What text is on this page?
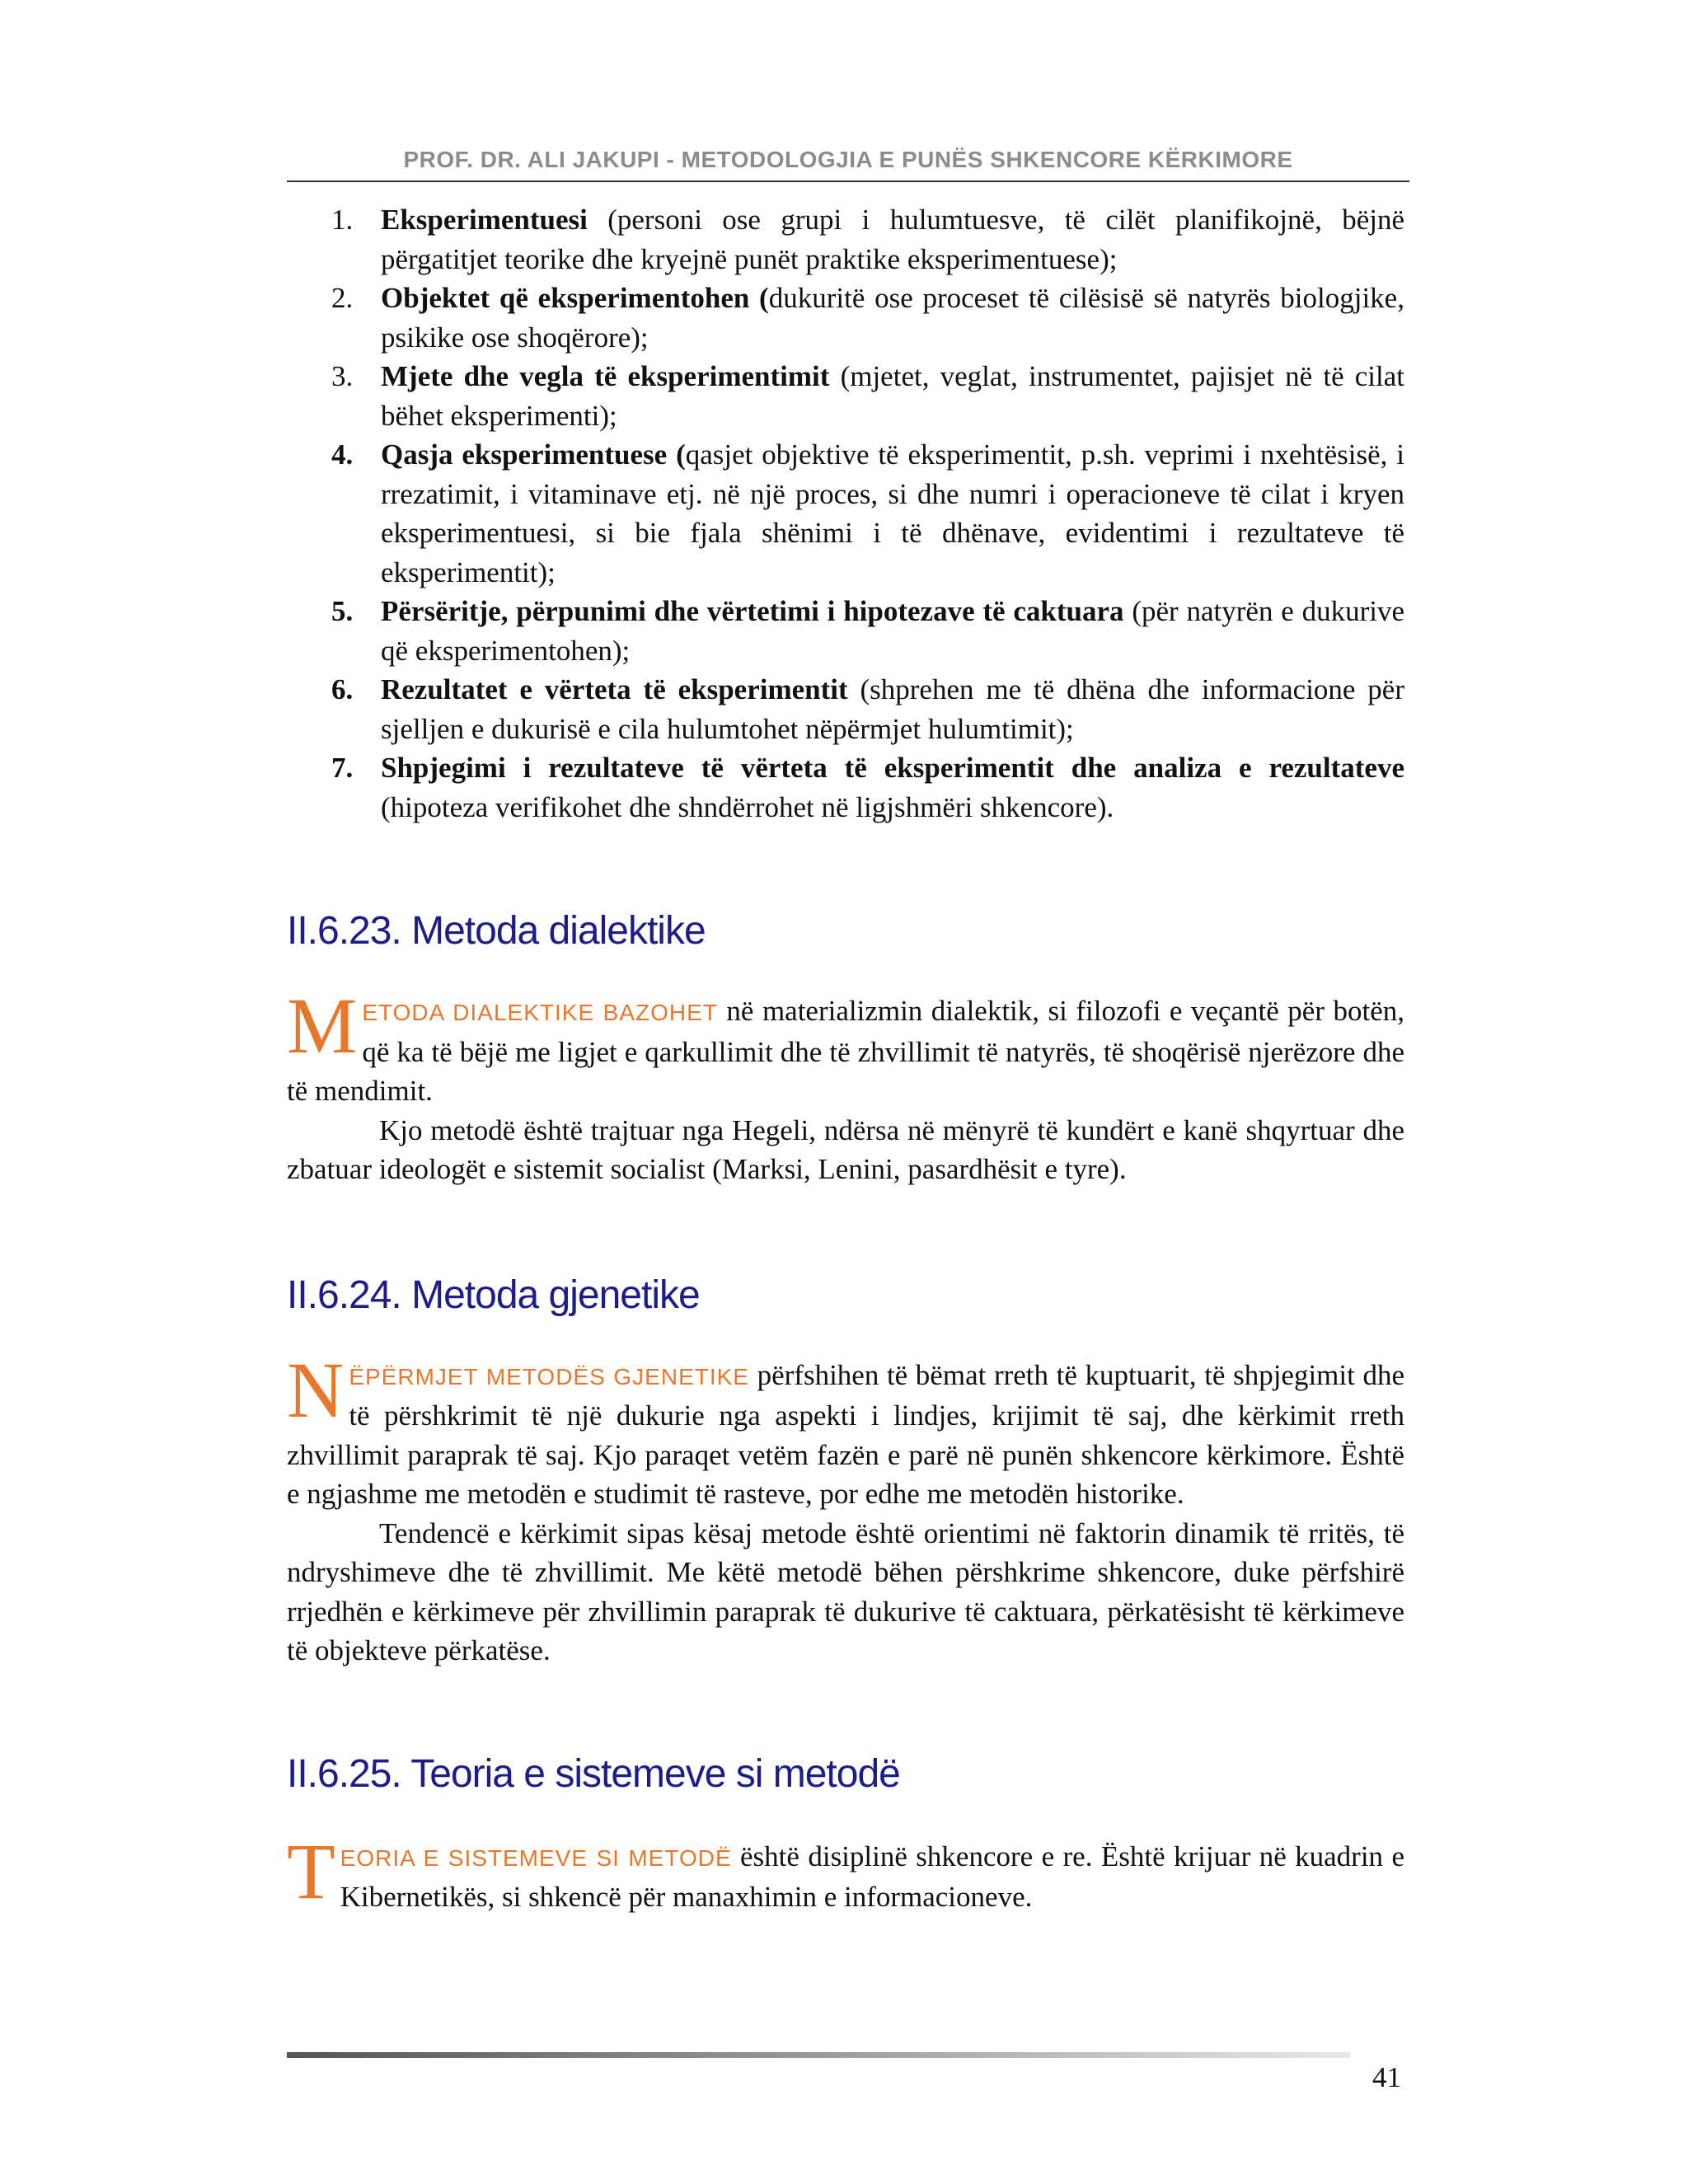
PROF. DR. ALI JAKUPI - METODOLOGJIA E PUNËS SHKENCORE KËRKIMORE
1. Eksperimentuesi (personi ose grupi i hulumtuesve, të cilët planifikojnë, bëjnë përgatitjet teorike dhe kryejnë punët praktike eksperimentuese);
2. Objektet që eksperimentohen (dukuritë ose proceset të cilësisë së natyrës biologjike, psikike ose shoqërore);
3. Mjete dhe vegla të eksperimentimit (mjetet, veglat, instrumentet, pajisjet në të cilat bëhet eksperimenti);
4. Qasja eksperimentuese (qasjet objektive të eksperimentit, p.sh. veprimi i nxehtësisë, i rrezatimit, i vitaminave etj. në një proces, si dhe numri i operacioneve të cilat i kryen eksperimentuesi, si bie fjala shënimi i të dhënave, evidentimi i rezultateve të eksperimentit);
5. Përsëritje, përpunimi dhe vërtetimi i hipotezave të caktuara (për natyrën e dukurive që eksperimentohen);
6. Rezultatet e vërteta të eksperimentit (shprehen me të dhëna dhe informacione për sjelljen e dukurisë e cila hulumtohet nëpërmjet hulumtimit);
7. Shpjegimi i rezultateve të vërteta të eksperimentit dhe analiza e rezultateve (hipoteza verifikohet dhe shndërrohet në ligjshmëri shkencore).
II.6.23. Metoda dialektike

METODA DIALEKTIKE BAZOHET në materializmin dialektik, si filozofi e veçantë për botën, që ka të bëjë me ligjet e qarkullimit dhe të zhvillimit të natyrës, të shoqërisë njerëzore dhe të mendimit.

Kjo metodë është trajtuar nga Hegeli, ndërsa në mënyrë të kundërt e kanë shqyrtuar dhe zbatuar ideologët e sistemit socialist (Marksi, Lenini, pasardhësit e tyre).

II.6.24. Metoda gjenetike

NËPËRMJET METODËS GJENETIKE përfshihen të bëmat rreth të kuptuarit, të shpjegimit dhe të përshkrimit të një dukurie nga aspekti i lindjes, krijimit të saj, dhe kërkimit rreth zhvillimit paraprak të saj. Kjo paraqet vetëm fazën e parë në punën shkencore kërkimore. Është e ngjashme me metodën e studimit të rasteve, por edhe me metodën historike.

Tendencë e kërkimit sipas kësaj metode është orientimi në faktorin dinamik të rritës, të ndryshimeve dhe të zhvillimit. Me këtë metodë bëhen përshkrime shkencore, duke përfshirë rrjedhën e kërkimeve për zhvillimin paraprak të dukurive të caktuara, përkatësisht të kërkimeve të objekteve përkatëse.

II.6.25. Teoria e sistemeve si metodë

TEORIA E SISTEMEVE SI METODË është disiplinë shkencore e re. Është krijuar në kuadrin e Kibernetikës, si shkencë për manaxhimin e informacioneve.

41
